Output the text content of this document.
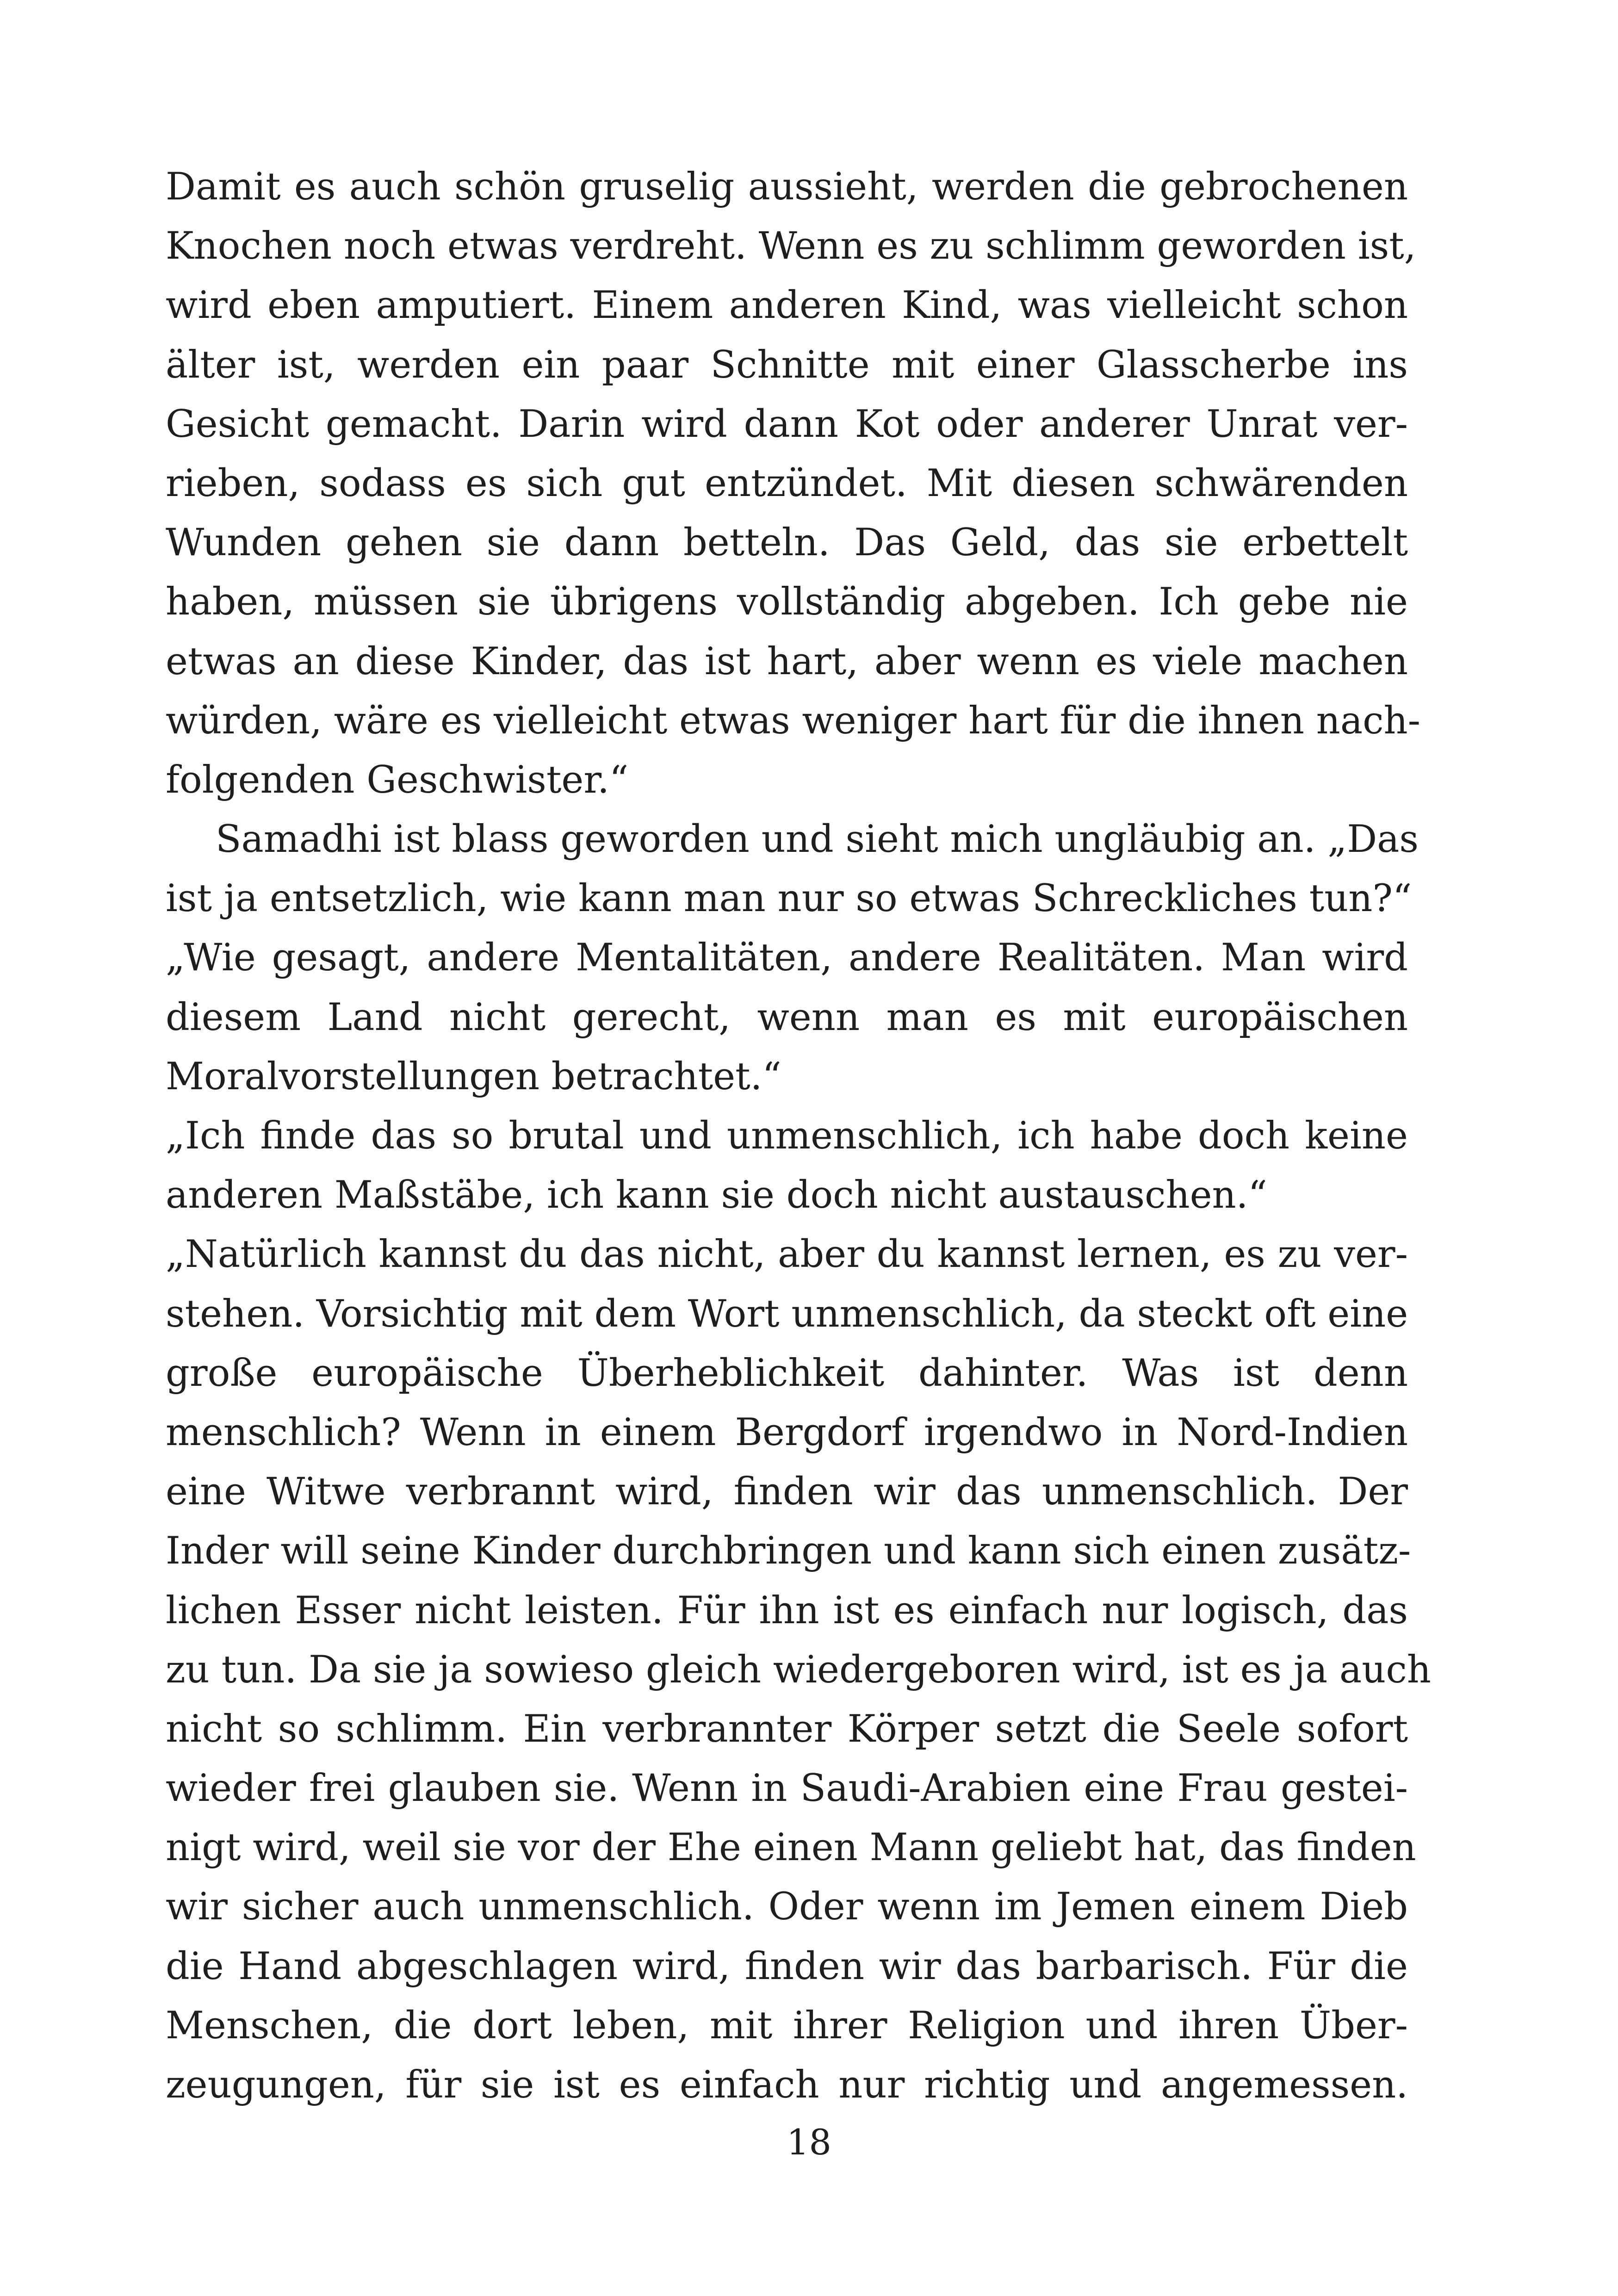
Damit es auch schön gruselig aussieht, werden die gebrochenen
Knochen noch etwas verdreht. Wenn es zu schlimm geworden ist,
wird eben amputiert. Einem anderen Kind, was vielleicht schon
älter ist, werden ein paar Schnitte mit einer Glasscherbe ins
Gesicht gemacht. Darin wird dann Kot oder anderer Unrat ver-
rieben, sodass es sich gut entzündet. Mit diesen schwärenden
Wunden gehen sie dann betteln. Das Geld, das sie erbettelt
haben, müssen sie übrigens vollständig abgeben. Ich gebe nie
etwas an diese Kinder, das ist hart, aber wenn es viele machen
würden, wäre es vielleicht etwas weniger hart für die ihnen nach-
folgenden Geschwister.“
Samadhi ist blass geworden und sieht mich ungläubig an. „Das
ist ja entsetzlich, wie kann man nur so etwas Schreckliches tun?“
„Wie gesagt, andere Mentalitäten, andere Realitäten. Man wird
diesem Land nicht gerecht, wenn man es mit europäischen
Moralvorstellungen betrachtet.“
„Ich finde das so brutal und unmenschlich, ich habe doch keine
anderen Maßstäbe, ich kann sie doch nicht austauschen.“
„Natürlich kannst du das nicht, aber du kannst lernen, es zu ver-
stehen. Vorsichtig mit dem Wort unmenschlich, da steckt oft eine
große europäische Überheblichkeit dahinter. Was ist denn
menschlich? Wenn in einem Bergdorf irgendwo in Nord-Indien
eine Witwe verbrannt wird, finden wir das unmenschlich. Der
Inder will seine Kinder durchbringen und kann sich einen zusätz-
lichen Esser nicht leisten. Für ihn ist es einfach nur logisch, das
zu tun. Da sie ja sowieso gleich wiedergeboren wird, ist es ja auch
nicht so schlimm. Ein verbrannter Körper setzt die Seele sofort
wieder frei glauben sie. Wenn in Saudi-Arabien eine Frau gestei-
nigt wird, weil sie vor der Ehe einen Mann geliebt hat, das finden
wir sicher auch unmenschlich. Oder wenn im Jemen einem Dieb
die Hand abgeschlagen wird, finden wir das barbarisch. Für die
Menschen, die dort leben, mit ihrer Religion und ihren Über-
zeugungen, für sie ist es einfach nur richtig und angemessen.
18
